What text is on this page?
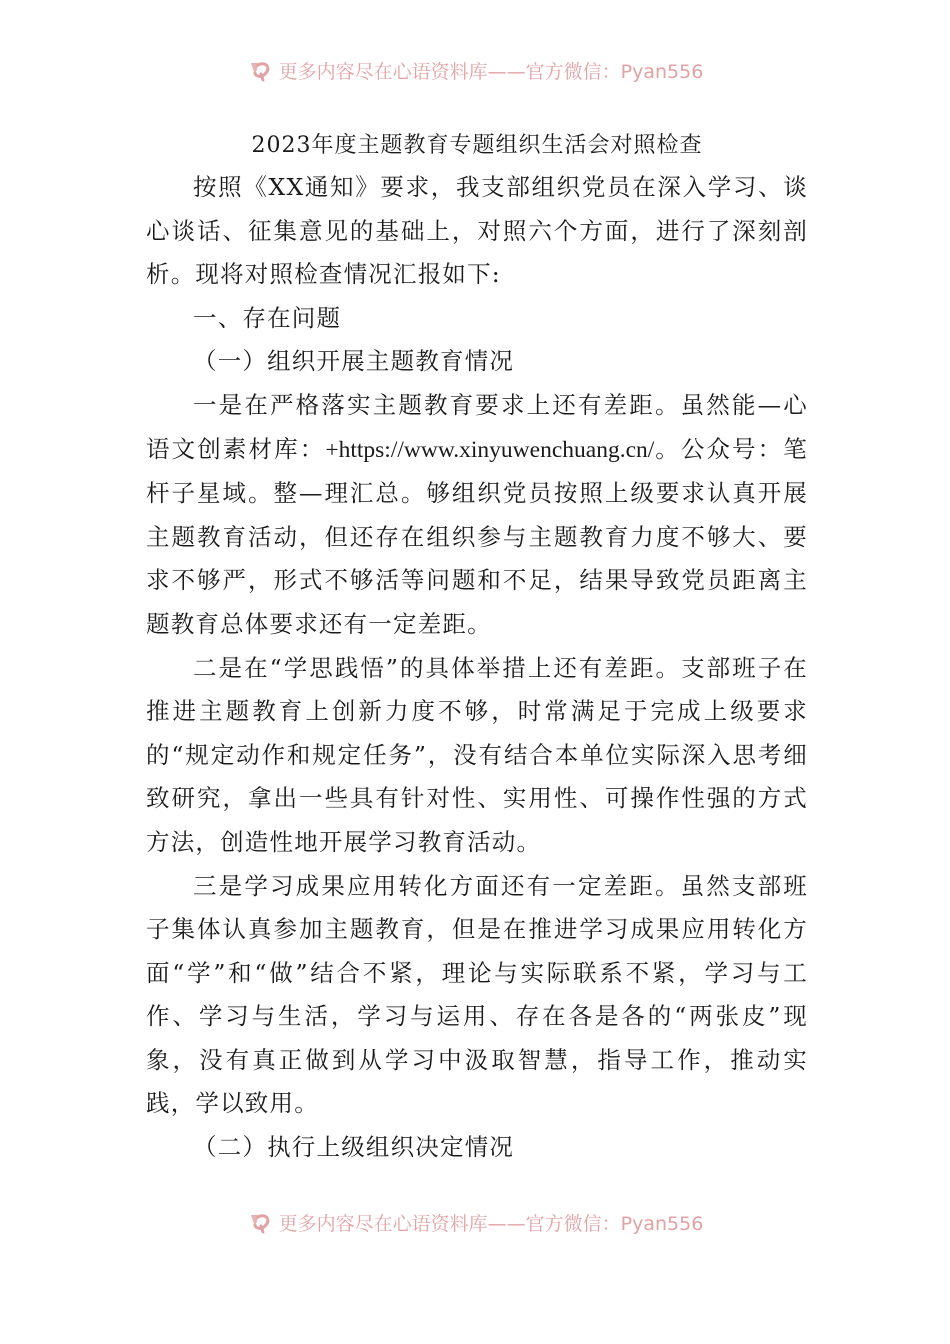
更多内容尽在心语资料库——官方微信：Pyan556

2023年度主题教育专题组织生活会对照检查

按照《XX通知》要求，我支部组织党员在深入学习、谈心谈话、征集意见的基础上，对照六个方面，进行了深刻剖析。现将对照检查情况汇报如下:

一、存在问题

（一）组织开展主题教育情况

一是在严格落实主题教育要求上还有差距。虽然能—心语文创素材库：+https://www.xinyuwenchuang.cn/。公众号：笔杆子星域。整—理汇总。够组织党员按照上级要求认真开展主题教育活动，但还存在组织参与主题教育力度不够大、要求不够严，形式不够活等问题和不足，结果导致党员距离主题教育总体要求还有一定差距。

二是在“学思践悟”的具体举措上还有差距。支部班子在推进主题教育上创新力度不够，时常满足于完成上级要求的“规定动作和规定任务”，没有结合本单位实际深入思考细致研究，拿出一些具有针对性、实用性、可操作性强的方式方法，创造性地开展学习教育活动。

三是学习成果应用转化方面还有一定差距。虽然支部班子集体认真参加主题教育，但是在推进学习成果应用转化方面“学”和“做”结合不紧，理论与实际联系不紧，学习与工作、学习与生活，学习与运用、存在各是各的“两张皮”现象，没有真正做到从学习中汲取智慧，指导工作，推动实践，学以致用。

（二）执行上级组织决定情况

更多内容尽在心语资料库——官方微信：Pyan556
